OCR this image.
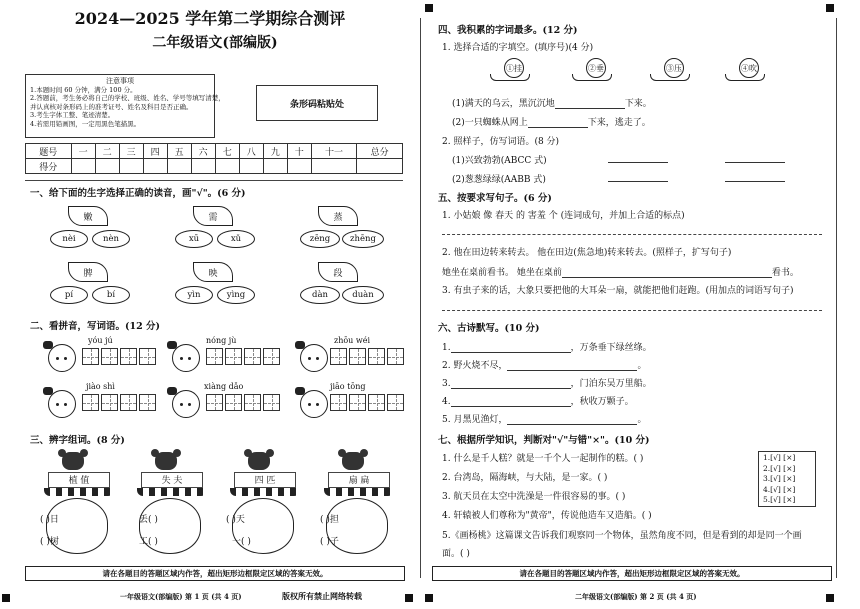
2024—2025 学年第二学期综合测评
二年级语文(部编版)
注意事项
1.本题时间 60 分钟，满分 100 分。
2.答题前，考生务必将自己的学校、班级、姓名、学号等填写清楚，
并认真核对条形码上的准考证号、姓名及科目是否正确。
3.考生字体工整、笔迹清楚。
4.若需用铅画图，一定用黑色笔描黑。
条形码粘贴处
题号	一	二	三	四	五	六	七	八	九	十	十一	总分
得分												
一、给下面的生字选择正确的读音，画"√"。(6 分)
嫩
nèi	nèn
需
xū	xǔ
蒸
zēng	zhēng
脾
pí	bí
映
yìn	yìng
段
dàn	duàn
二、看拼音，写词语。(12 分)
yóu jú	nóng jù	zhōu wéi
jiào shì	xiàng dǎo	jiāo tōng
三、辨字组词。(8 分)
植 值
( )日
( )树
失 夫
丢( )
工( )
四 匹
( )天
一( )
扇 扁
( )担
( )子
请在各题目的答题区域内作答，超出矩形边框限定区域的答案无效。
一年级语文(部编版) 第 1 页 (共 4 页)	版权所有禁止网络转载
四、我积累的字词最多。(12 分)
1. 选择合适的字填空。(填序号)(4 分)
①挂	②垂	③压	④吹
(1)满天的乌云，黑沉沉地	下来。
(2)一只蜘蛛从网上	下来，逃走了。
2. 照样子，仿写词语。(8 分)
(1)兴致勃勃(ABCC 式)
(2)葱葱绿绿(AABB 式)
五、按要求写句子。(6 分)
1. 小姑娘 像 春天 的 害羞 个 (连词成句，并加上合适的标点)
2. 他在田边转来转去。 他在田边(焦急地)转来转去。(照样子，扩写句子)
她坐在桌前看书。 她坐在桌前	看书。
3. 有虫子来的话，大象只要把他的大耳朵一扇，就能把他们赶跑。(用加点的词语写句子)
六、古诗默写。(10 分)
1.	，万条垂下绿丝绦。
2. 野火烧不尽，	。
3.	，门泊东吴万里船。
4.	，秋收万颗子。
5. 月黑见渔灯，	。
七、根据所学知识，判断对"√"与错"×"。(10 分)
1. 什么是千人糕？就是一千个人一起制作的糕。( )
2. 台湾岛，隔海峡，与大陆，是一家。( )
3. 航天员在太空中洗澡是一件很容易的事。( )
4. 轩辕被人们尊称为"黄帝"，传说他造车又造船。( )
5.《画杨桃》这篇课文告诉我们观察同一个物体，虽然角度不同，但是看到的却是同一个画
面。( )
1.[√] [×]
2.[√] [×]
3.[√] [×]
4.[√] [×]
5.[√] [×]
请在各题目的答题区域内作答，超出矩形边框限定区域的答案无效。
二年级语文(部编版) 第 2 页 (共 4 页)
